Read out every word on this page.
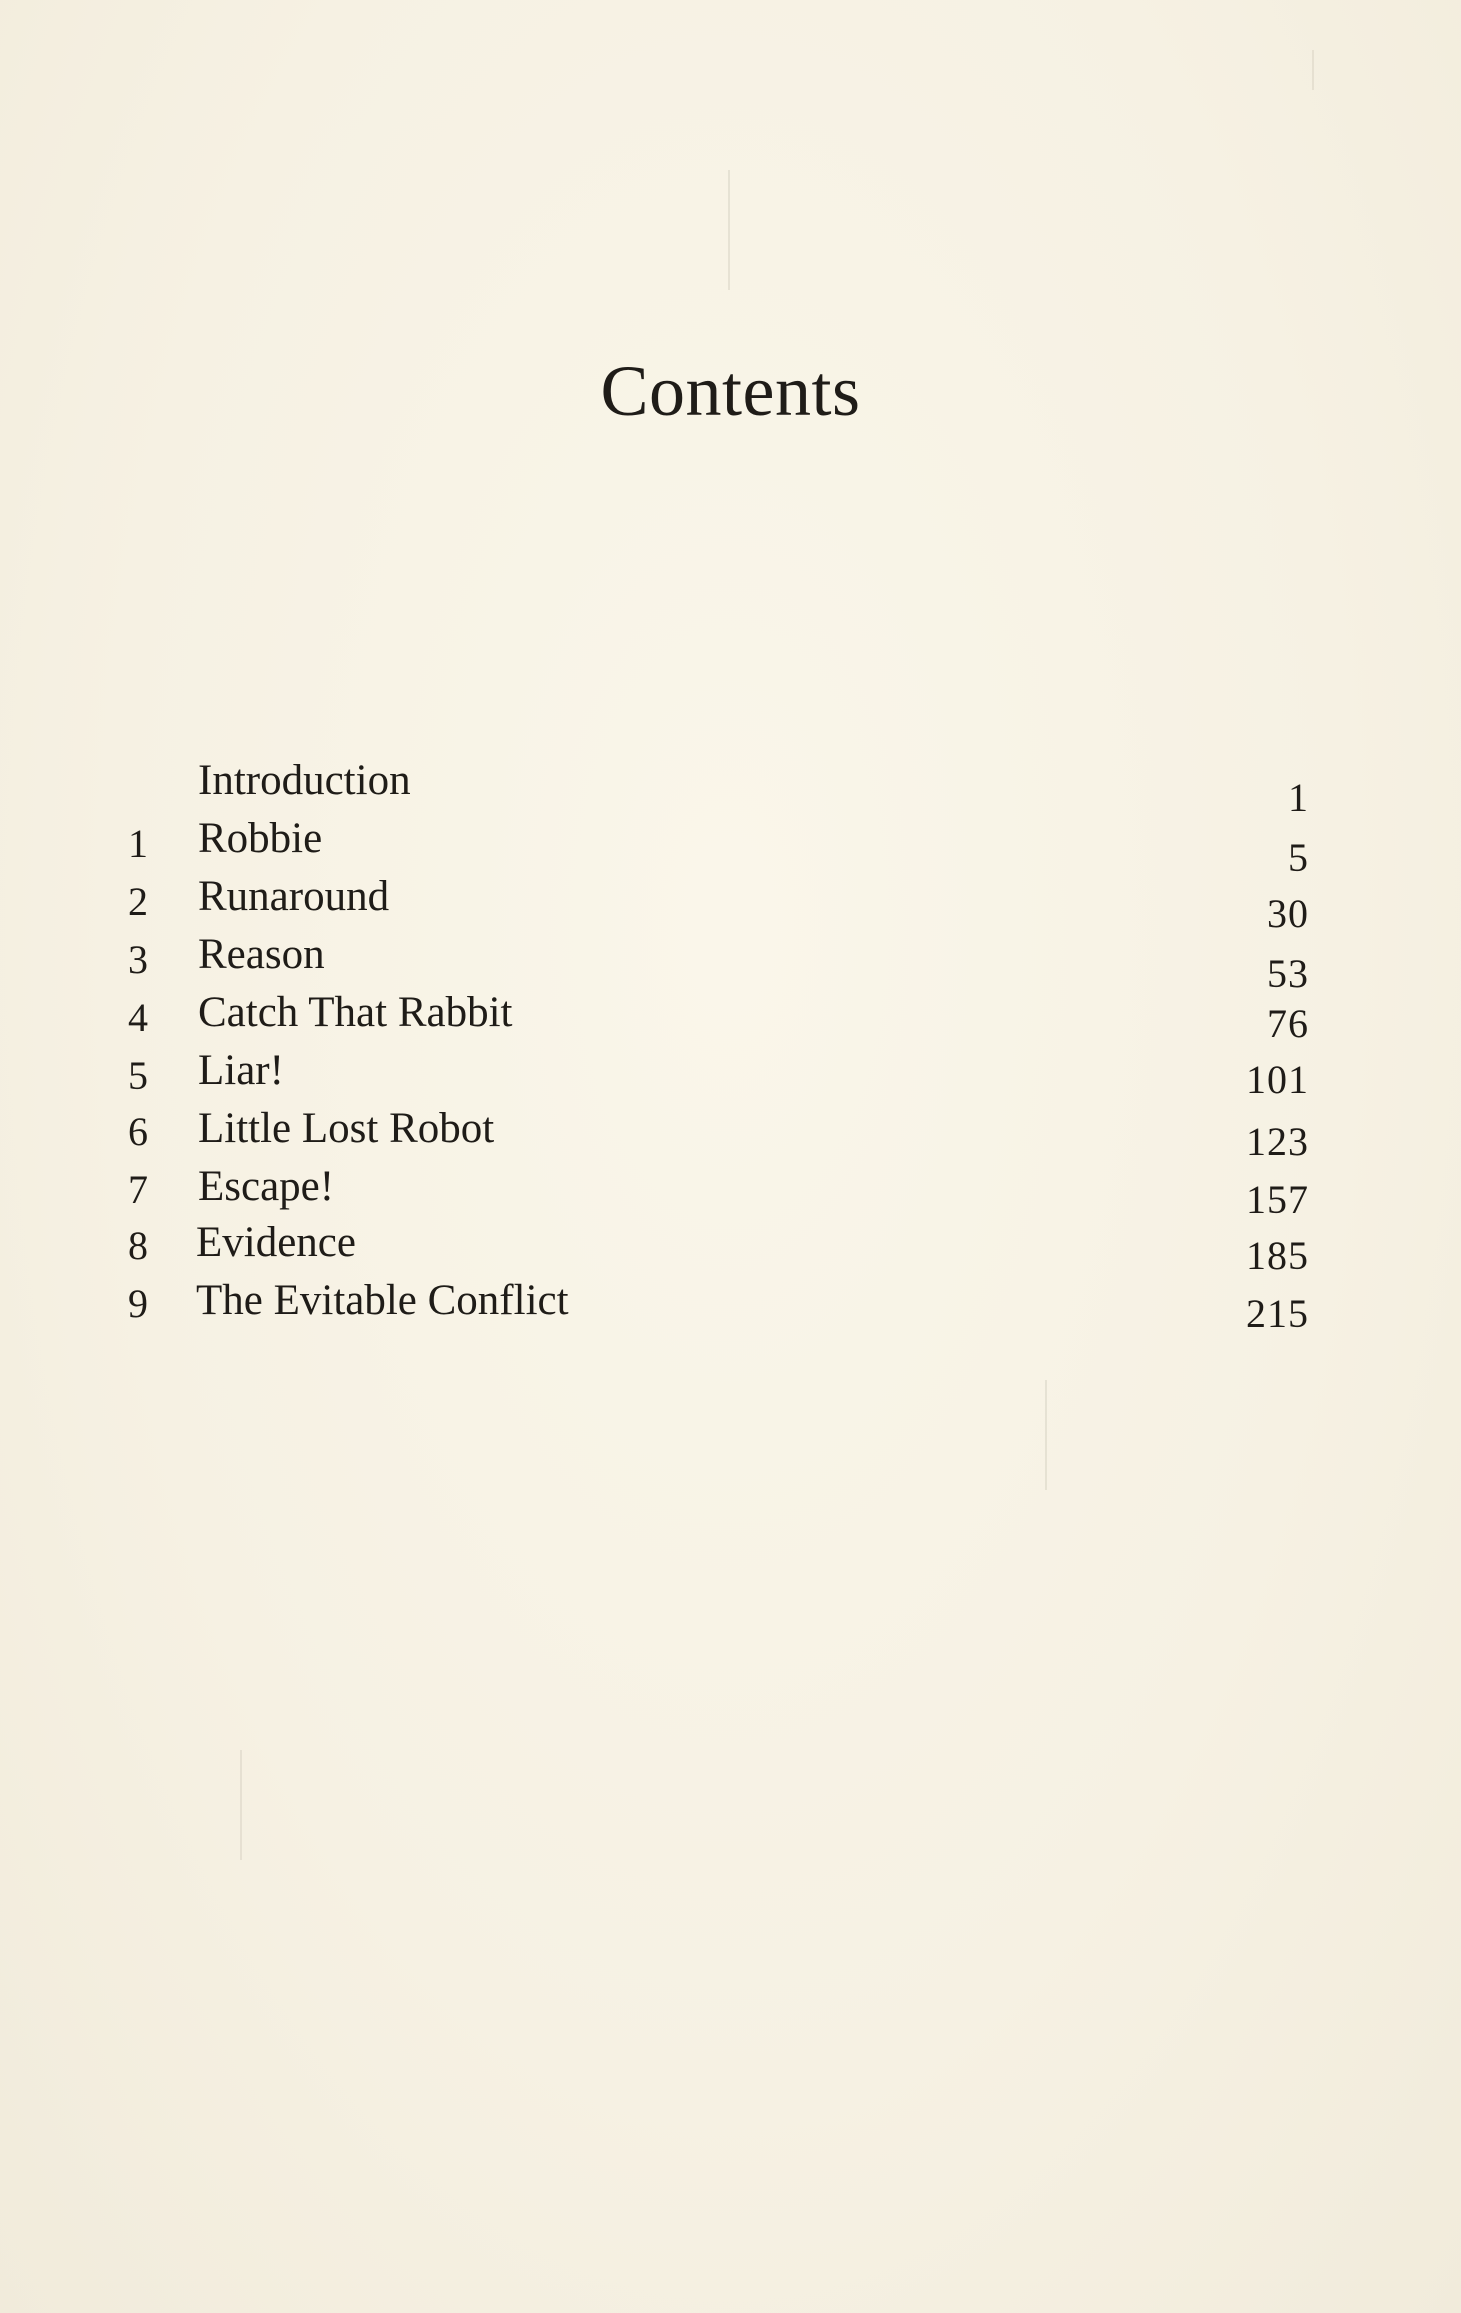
Contents
Introduction	1
1	Robbie	5
2	Runaround	30
3	Reason	53
4	Catch That Rabbit	76
5	Liar!	101
6	Little Lost Robot	123
7	Escape!	157
8	Evidence	185
9	The Evitable Conflict	215
